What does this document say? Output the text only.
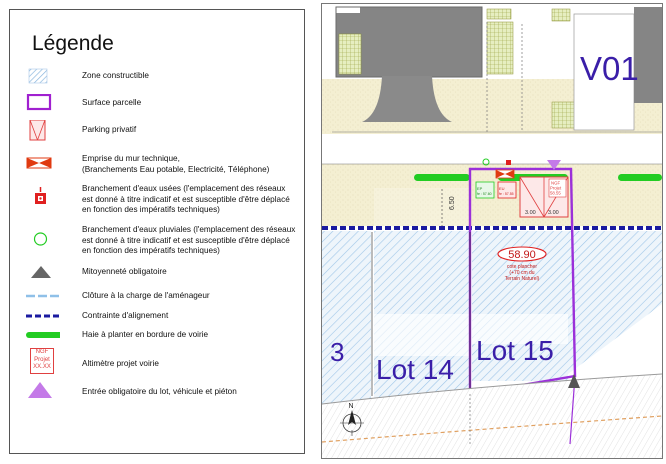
Légende
Zone constructible
Surface parcelle
Parking privatif
Emprise du mur technique,
(Branchements Eau potable, Electricité, Téléphone)
Branchement d'eaux usées (l'emplacement des réseaux
est donné à titre indicatif et est susceptible d'être déplacé
en fonction des impératifs techniques)
Branchement d'eaux pluviales (l'emplacement des réseaux
est donné à titre indicatif et est susceptible d'être déplacé
en fonction des impératifs techniques)
Mitoyenneté obligatoire
Clôture à la charge de l'aménageur
Contrainte d'alignement
Haie à planter en bordure de voirie
NGF
Projet
XX.XX	Altimètre projet voirie
Entrée obligatoire du lot, véhicule et piéton
V01
6.50
EP
fe : 57.60
EU
fe : 57.55
NGF
Projet
58.55
3.00 3.00
58.90
cote plancher
(+70 cm du
Terrain Naturel)
3
Lot 14
Lot 15
N
